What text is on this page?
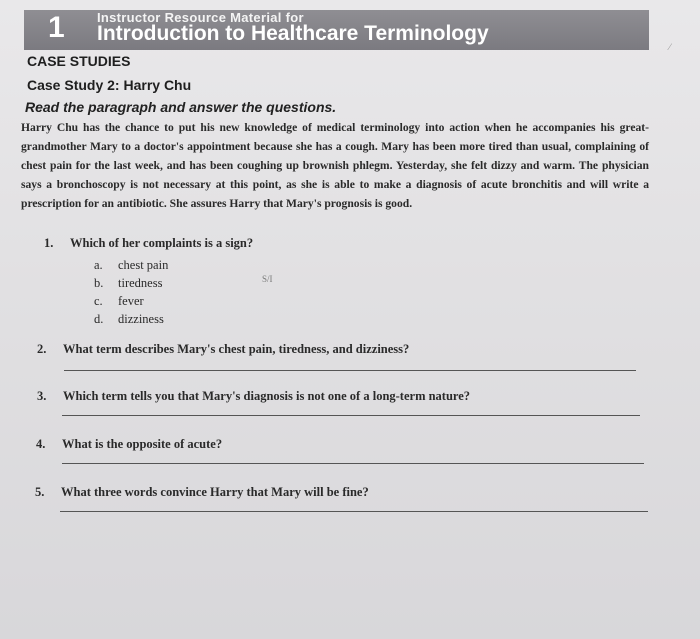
1 Instructor Resource Material for
Introduction to Healthcare Terminology
⁄
CASE STUDIES
Case Study 2: Harry Chu
Read the paragraph and answer the questions.
Harry Chu has the chance to put his new knowledge of medical terminology into action when he accompanies his great-grandmother Mary to a doctor's appointment because she has a cough. Mary has been more tired than usual, complaining of chest pain for the last week, and has been coughing up brownish phlegm. Yesterday, she felt dizzy and warm. The physician says a bronchoscopy is not necessary at this point, as she is able to make a diagnosis of acute bronchitis and will write a prescription for an antibiotic. She assures Harry that Mary's prognosis is good.
1. Which of her complaints is a sign?
a. chest pain
b. tiredness
c. fever
d. dizziness
S/I
2. What term describes Mary's chest pain, tiredness, and dizziness?
3. Which term tells you that Mary's diagnosis is not one of a long-term nature?
4. What is the opposite of acute?
5. What three words convince Harry that Mary will be fine?
